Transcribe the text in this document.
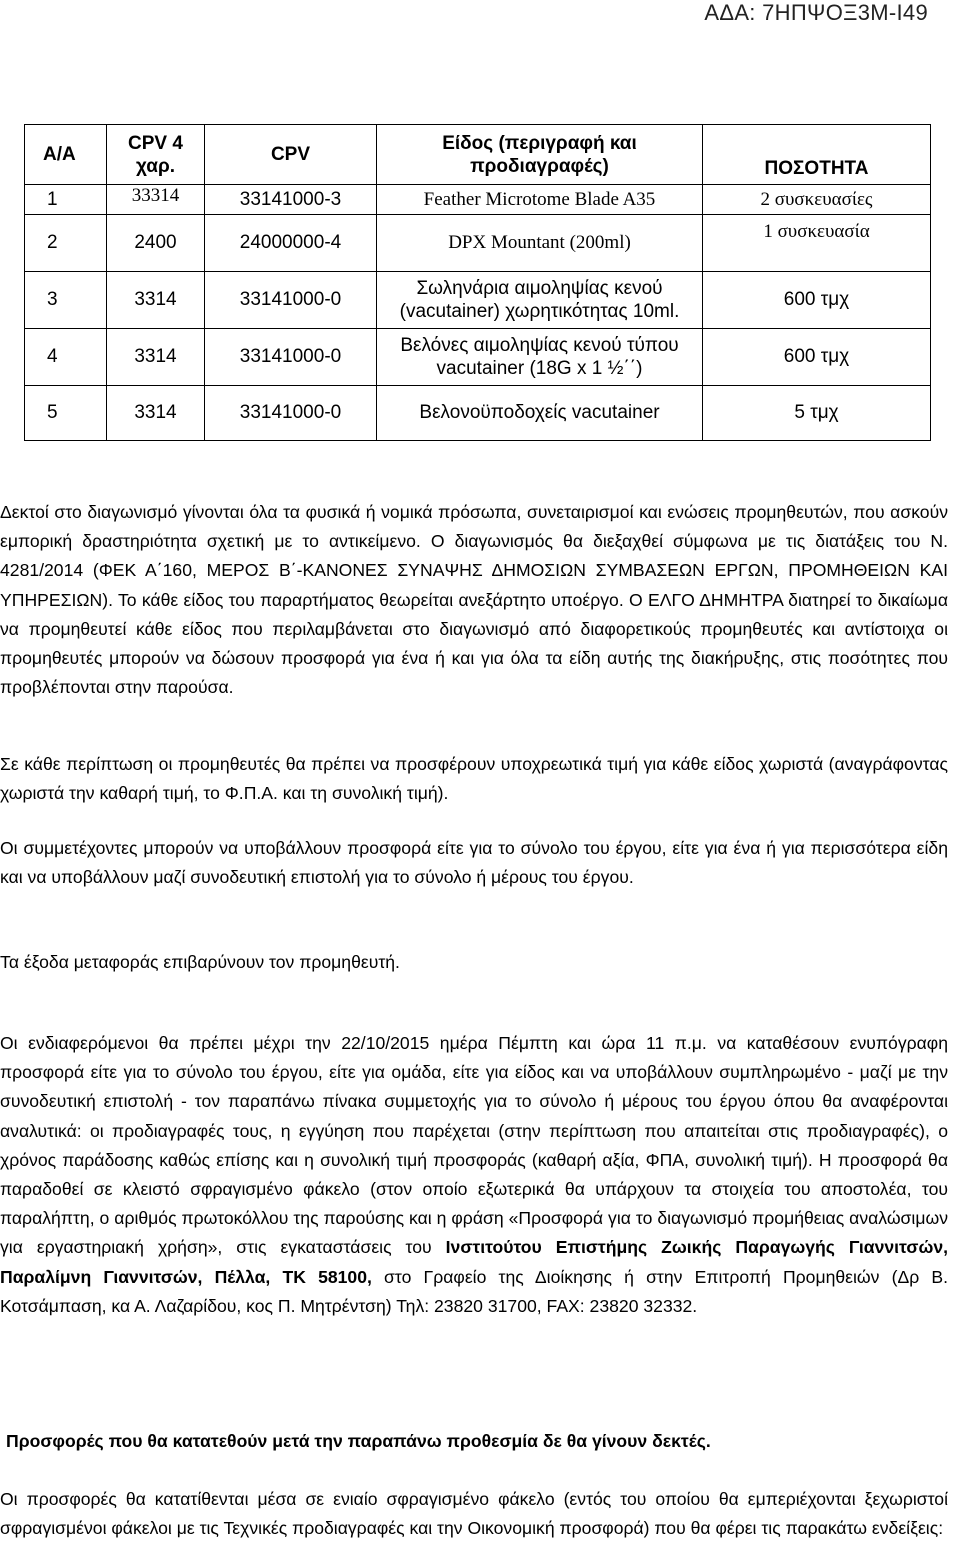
ΑΔΑ: 7ΗΠΨΟΞ3Μ-Ι49
Α/Α	CPV 4 χαρ.	CPV	Είδος (περιγραφή και προδιαγραφές)	ΠΟΣΟΤΗΤΑ
1	33314	33141000-3	Feather Microtome Blade A35	2 συσκευασίες
2	2400	24000000-4	DPX Mountant (200ml)	1 συσκευασία
3	3314	33141000-0	Σωληνάρια αιμοληψίας κενού (vacutainer) χωρητικότητας 10ml.	600 τμχ
4	3314	33141000-0	Βελόνες αιμοληψίας κενού τύπου vacutainer (18G x 1 ½΄΄)	600 τμχ
5	3314	33141000-0	Βελονοϋποδοχείς vacutainer	5 τμχ

Δεκτοί στο διαγωνισμό γίνονται όλα τα φυσικά ή νομικά πρόσωπα, συνεταιρισμοί και ενώσεις προμηθευτών, που ασκούν εμπορική δραστηριότητα σχετική με το αντικείμενο. Ο διαγωνισμός θα διεξαχθεί σύμφωνα με τις διατάξεις του Ν. 4281/2014 (ΦΕΚ Α΄160, ΜΕΡΟΣ Β΄-ΚΑΝΟΝΕΣ ΣΥΝΑΨΗΣ ΔΗΜΟΣΙΩΝ ΣΥΜΒΑΣΕΩΝ ΕΡΓΩΝ, ΠΡΟΜΗΘΕΙΩΝ ΚΑΙ ΥΠΗΡΕΣΙΩΝ). Το κάθε είδος του παραρτήματος θεωρείται ανεξάρτητο υποέργο. Ο ΕΛΓΟ ΔΗΜΗΤΡΑ διατηρεί το δικαίωμα να προμηθευτεί κάθε είδος που περιλαμβάνεται στο διαγωνισμό από διαφορετικούς προμηθευτές και αντίστοιχα οι προμηθευτές μπορούν να δώσουν προσφορά για ένα ή και για όλα τα είδη αυτής της διακήρυξης, στις ποσότητες που προβλέπονται στην παρούσα.

Σε κάθε περίπτωση οι προμηθευτές θα πρέπει να προσφέρουν υποχρεωτικά τιμή για κάθε είδος χωριστά (αναγράφοντας χωριστά την καθαρή τιμή, το Φ.Π.Α. και τη συνολική τιμή).

Οι συμμετέχοντες μπορούν να υποβάλλουν προσφορά είτε για το σύνολο του έργου, είτε για ένα ή για περισσότερα είδη και να υποβάλλουν μαζί συνοδευτική επιστολή για το σύνολο ή μέρους του έργου.

Τα έξοδα μεταφοράς επιβαρύνουν τον προμηθευτή.

Οι ενδιαφερόμενοι θα πρέπει μέχρι την 22/10/2015 ημέρα Πέμπτη και ώρα 11 π.μ. να καταθέσουν ενυπόγραφη προσφορά είτε για το σύνολο του έργου, είτε για ομάδα, είτε για είδος και να υποβάλλουν συμπληρωμένο - μαζί με την συνοδευτική επιστολή - τον παραπάνω πίνακα συμμετοχής για το σύνολο ή μέρους του έργου όπου θα αναφέρονται αναλυτικά: οι προδιαγραφές τους, η εγγύηση που παρέχεται (στην περίπτωση που απαιτείται στις προδιαγραφές), ο χρόνος παράδοσης καθώς επίσης και η συνολική τιμή προσφοράς (καθαρή αξία, ΦΠΑ, συνολική τιμή). Η προσφορά θα παραδοθεί σε κλειστό σφραγισμένο φάκελο (στον οποίο εξωτερικά θα υπάρχουν τα στοιχεία του αποστολέα, του παραλήπτη, ο αριθμός πρωτοκόλλου της παρούσης και η φράση «Προσφορά για το διαγωνισμό προμήθειας αναλώσιμων για εργαστηριακή χρήση», στις εγκαταστάσεις του Ινστιτούτου Επιστήμης Ζωικής Παραγωγής Γιαννιτσών, Παραλίμνη Γιαννιτσών, Πέλλα, ΤΚ 58100, στο Γραφείο της Διοίκησης ή στην Επιτροπή Προμηθειών (Δρ Β. Κοτσάμπαση, κα Α. Λαζαρίδου, κος Π. Μητρέντση) Τηλ: 23820 31700, FAX: 23820 32332.

Προσφορές που θα κατατεθούν μετά την παραπάνω προθεσμία δε θα γίνουν δεκτές.

Οι προσφορές θα κατατίθενται μέσα σε ενιαίο σφραγισμένο φάκελο (εντός του οποίου θα εμπεριέχονται ξεχωριστοί σφραγισμένοι φάκελοι με τις Τεχνικές προδιαγραφές και την Οικονομική προσφορά) που θα φέρει τις παρακάτω ενδείξεις:
